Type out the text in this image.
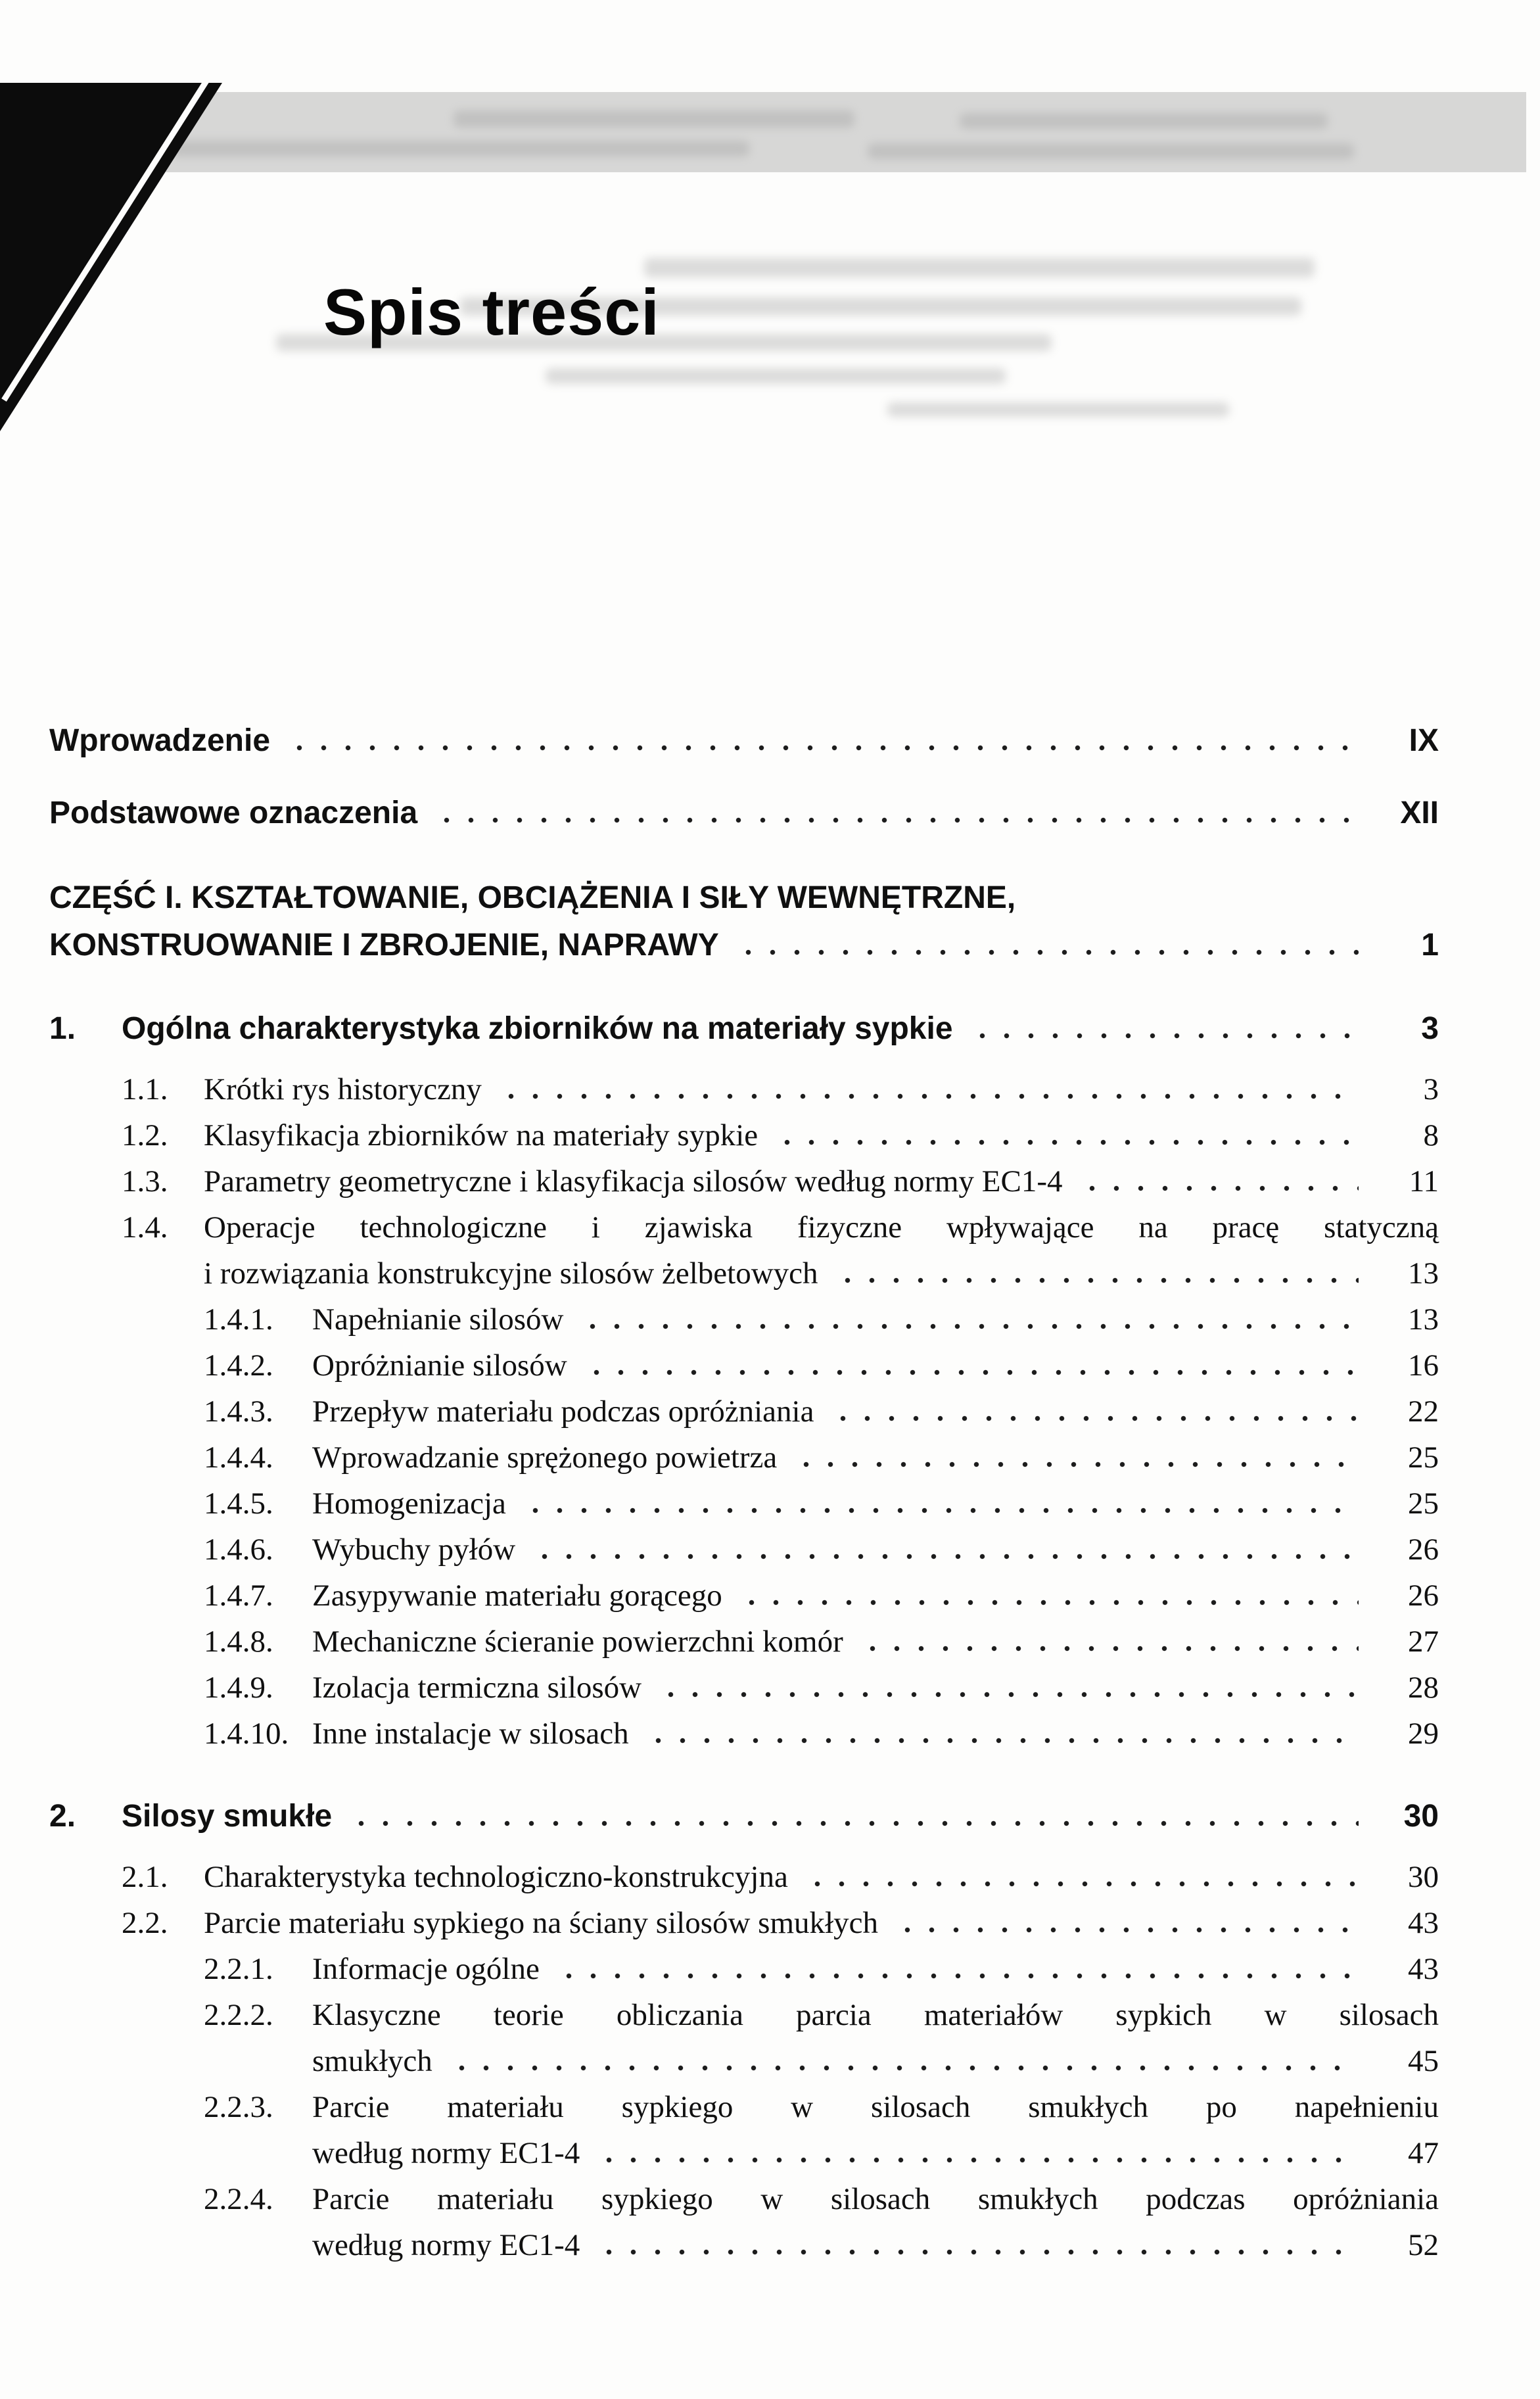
Spis treści
Wprowadzenie	IX
Podstawowe oznaczenia	XII
CZĘŚĆ I. KSZTAŁTOWANIE, OBCIĄŻENIA I SIŁY WEWNĘTRZNE,
KONSTRUOWANIE I ZBROJENIE, NAPRAWY	1
1.	Ogólna charakterystyka zbiorników na materiały sypkie	3
1.1.	Krótki rys historyczny	3
1.2.	Klasyfikacja zbiorników na materiały sypkie	8
1.3.	Parametry geometryczne i klasyfikacja silosów według normy EC1-4	11
1.4.	Operacje technologiczne i zjawiska fizyczne wpływające na pracę statyczną
i rozwiązania konstrukcyjne silosów żelbetowych	13
1.4.1.	Napełnianie silosów	13
1.4.2.	Opróżnianie silosów	16
1.4.3.	Przepływ materiału podczas opróżniania	22
1.4.4.	Wprowadzanie sprężonego powietrza	25
1.4.5.	Homogenizacja	25
1.4.6.	Wybuchy pyłów	26
1.4.7.	Zasypywanie materiału gorącego	26
1.4.8.	Mechaniczne ścieranie powierzchni komór	27
1.4.9.	Izolacja termiczna silosów	28
1.4.10. Inne instalacje w silosach	29
2.	Silosy smukłe	30
2.1.	Charakterystyka technologiczno-konstrukcyjna	30
2.2.	Parcie materiału sypkiego na ściany silosów smukłych	43
2.2.1.	Informacje ogólne	43
2.2.2.	Klasyczne teorie obliczania parcia materiałów sypkich w silosach
smukłych	45
2.2.3.	Parcie materiału sypkiego w silosach smukłych po napełnieniu
według normy EC1-4	47
2.2.4.	Parcie materiału sypkiego w silosach smukłych podczas opróżniania
według normy EC1-4	52
